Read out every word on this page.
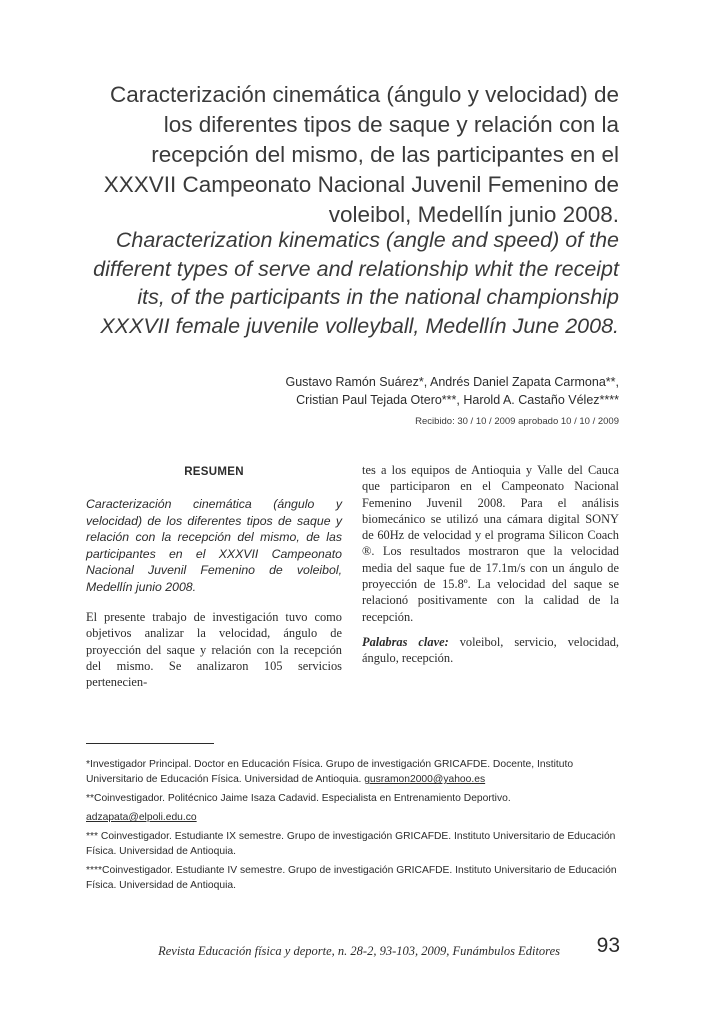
Caracterización cinemática (ángulo y velocidad) de los diferentes tipos de saque y relación con la recepción del mismo, de las participantes en el XXXVII Campeonato Nacional Juvenil Femenino de voleibol, Medellín junio 2008.
Characterization kinematics (angle and speed) of the different types of serve and relationship whit the receipt its, of the participants in the national championship XXXVII female juvenile volleyball, Medellín June 2008.
Gustavo Ramón Suárez*, Andrés Daniel Zapata Carmona**,
Cristian Paul Tejada Otero***, Harold A. Castaño Vélez****
Recibido: 30 / 10 / 2009 aprobado 10 / 10 / 2009
RESUMEN

Caracterización cinemática (ángulo y velocidad) de los diferentes tipos de saque y relación con la recepción del mismo, de las participantes en el XXXVII Campeonato Nacional Juvenil Femenino de voleibol, Medellín junio 2008.

El presente trabajo de investigación tuvo como objetivos analizar la velocidad, ángulo de proyección del saque y relación con la recepción del mismo. Se analizaron 105 servicios pertenecien-

tes a los equipos de Antioquia y Valle del Cauca que participaron en el Campeonato Nacional Femenino Juvenil 2008. Para el análisis biomecánico se utilizó una cámara digital SONY de 60Hz de velocidad y el programa Silicon Coach ®. Los resultados mostraron que la velocidad media del saque fue de 17.1m/s con un ángulo de proyección de 15.8º. La velocidad del saque se relacionó positivamente con la calidad de la recepción.

Palabras clave: voleibol, servicio, velocidad, ángulo, recepción.

*Investigador Principal. Doctor en Educación Física. Grupo de investigación GRICAFDE. Docente, Instituto Universitario de Educación Física. Universidad de Antioquia. gusramon2000@yahoo.es

**Coinvestigador. Politécnico Jaime Isaza Cadavid. Especialista en Entrenamiento Deportivo.

adzapata@elpoli.edu.co

*** Coinvestigador. Estudiante IX semestre. Grupo de investigación GRICAFDE. Instituto Universitario de Educación Física. Universidad de Antioquia.

****Coinvestigador. Estudiante IV semestre. Grupo de investigación GRICAFDE. Instituto Universitario de Educación Física. Universidad de Antioquia.

Revista Educación física y deporte, n. 28-2, 93-103, 2009, Funámbulos Editores	93
